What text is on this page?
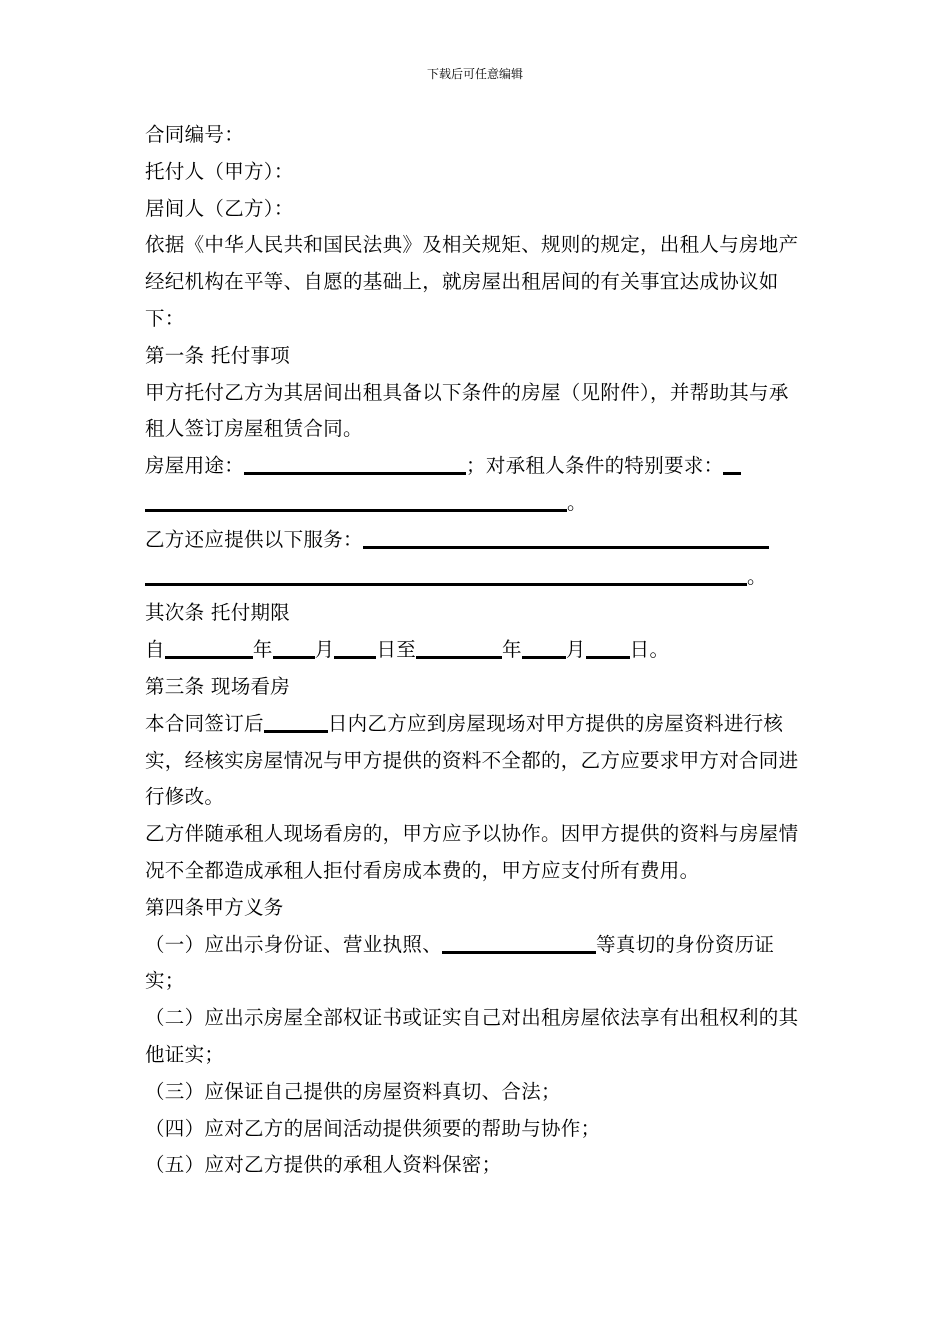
下载后可任意编辑

合同编号：

托付人（甲方）：

居间人（乙方）：

依据《中华人民共和国民法典》及相关规矩、规则的规定，出租人与房地产经纪机构在平等、自愿的基础上，就房屋出租居间的有关事宜达成协议如下：

第一条 托付事项

甲方托付乙方为其居间出租具备以下条件的房屋（见附件），并帮助其与承租人签订房屋租赁合同。

房屋用途：	；对承租人条件的特别要求：

。

乙方还应提供以下服务：

。

其次条 托付期限

自	年 月 日至	年 月 日。

第三条 现场看房

本合同签订后	日内乙方应到房屋现场对甲方提供的房屋资料进行核实，经核实房屋情况与甲方提供的资料不全都的，乙方应要求甲方对合同进行修改。

乙方伴随承租人现场看房的，甲方应予以协作。因甲方提供的资料与房屋情况不全都造成承租人拒付看房成本费的，甲方应支付所有费用。

第四条甲方义务

（一）应出示身份证、营业执照、	等真切的身份资历证实；

（二）应出示房屋全部权证书或证实自己对出租房屋依法享有出租权利的其他证实；

（三）应保证自己提供的房屋资料真切、合法；

（四）应对乙方的居间活动提供须要的帮助与协作；

（五）应对乙方提供的承租人资料保密；
